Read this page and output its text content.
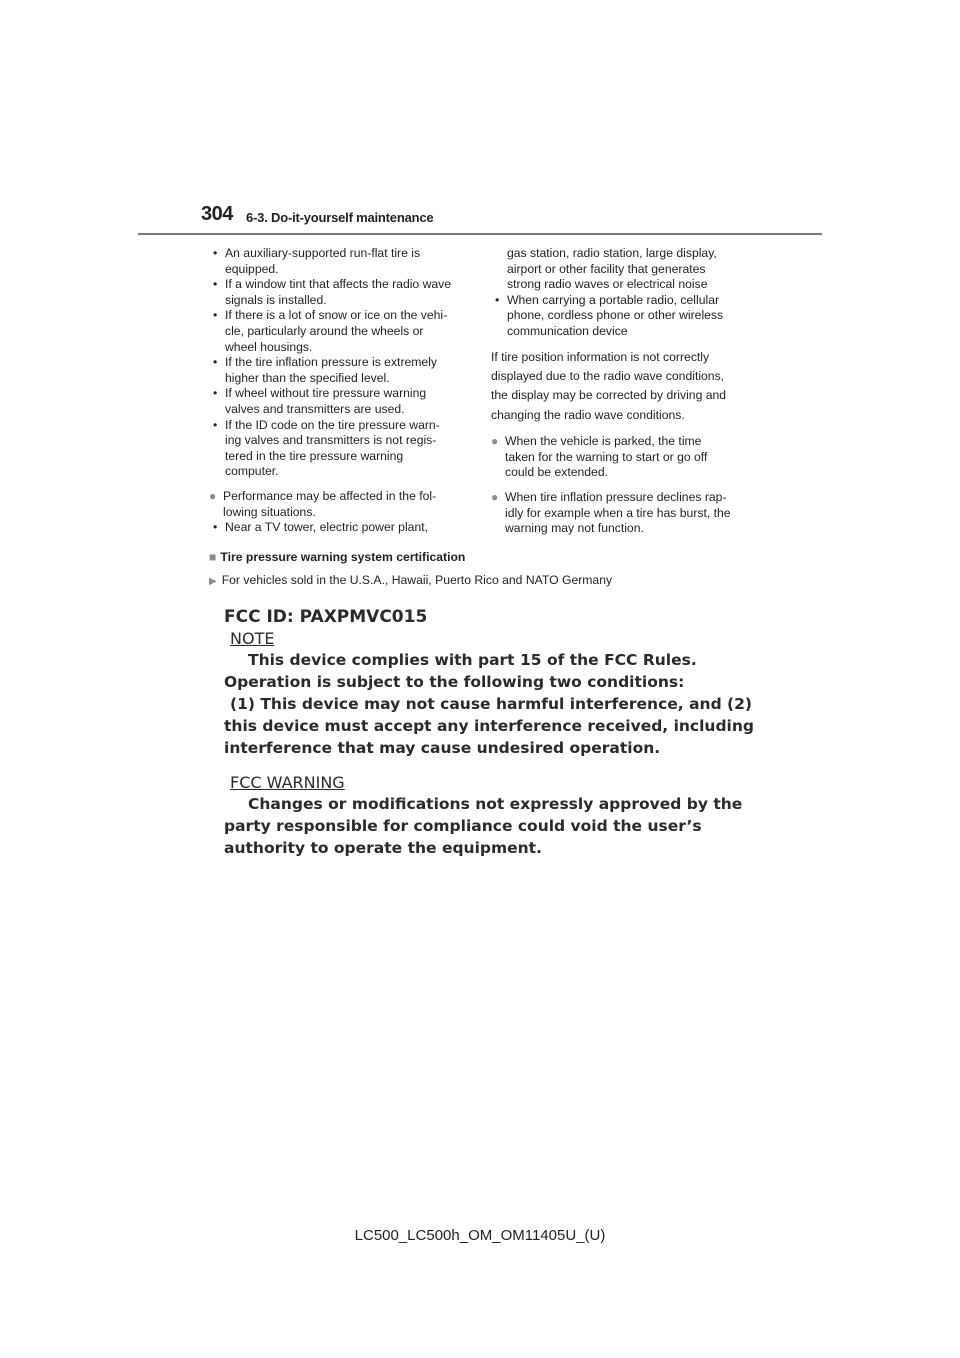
304 6-3. Do-it-yourself maintenance
• An auxiliary-supported run-flat tire is
equipped.
• If a window tint that affects the radio wave
signals is installed.
• If there is a lot of snow or ice on the vehi-
cle, particularly around the wheels or
wheel housings.
• If the tire inflation pressure is extremely
higher than the specified level.
• If wheel without tire pressure warning
valves and transmitters are used.
• If the ID code on the tire pressure warn-
ing valves and transmitters is not regis-
tered in the tire pressure warning
computer.
● Performance may be affected in the fol-
lowing situations.
• Near a TV tower, electric power plant,
gas station, radio station, large display,
airport or other facility that generates
strong radio waves or electrical noise
• When carrying a portable radio, cellular
phone, cordless phone or other wireless
communication device
If tire position information is not correctly
displayed due to the radio wave conditions,
the display may be corrected by driving and
changing the radio wave conditions.
● When the vehicle is parked, the time
taken for the warning to start or go off
could be extended.
● When tire inflation pressure declines rap-
idly for example when a tire has burst, the
warning may not function.
■ Tire pressure warning system certification
▶ For vehicles sold in the U.S.A., Hawaii, Puerto Rico and NATO Germany
FCC ID: PAXPMVC015
NOTE
This device complies with part 15 of the FCC Rules.
Operation is subject to the following two conditions:
(1) This device may not cause harmful interference, and (2)
this device must accept any interference received, including
interference that may cause undesired operation.
FCC WARNING
Changes or modifications not expressly approved by the
party responsible for compliance could void the user’s
authority to operate the equipment.
LC500_LC500h_OM_OM11405U_(U)
